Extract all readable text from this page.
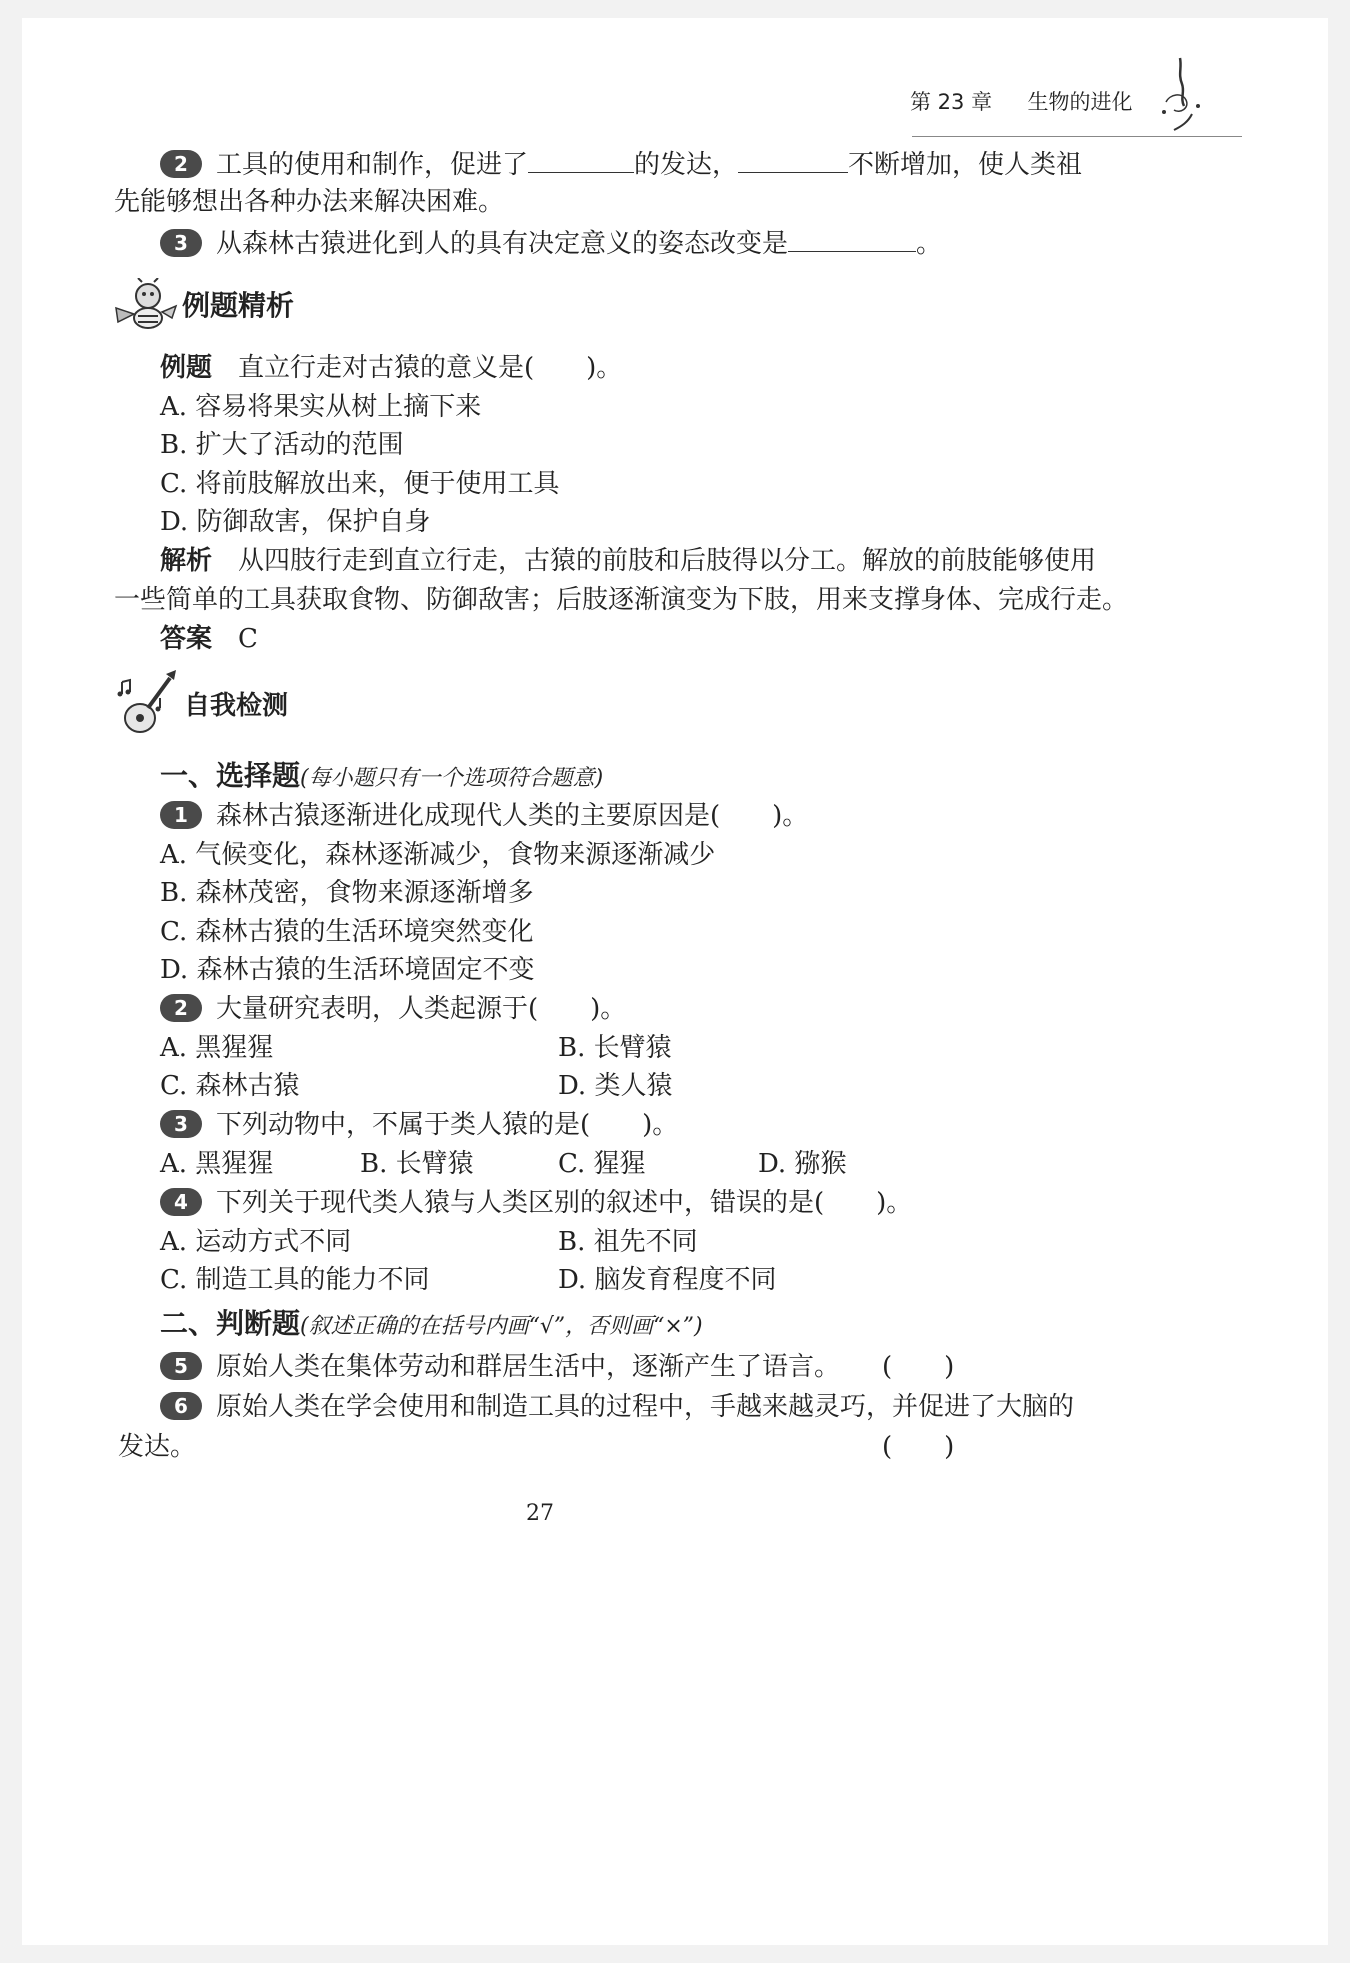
第 23 章 生物的进化
2 工具的使用和制作，促进了	的发达，	不断增加，使人类祖
先能够想出各种办法来解决困难。
3 从森林古猿进化到人的具有决定意义的姿态改变是	。
例题精析
例题 直立行走对古猿的意义是(　　)。
A. 容易将果实从树上摘下来
B. 扩大了活动的范围
C. 将前肢解放出来，便于使用工具
D. 防御敌害，保护自身
解析 从四肢行走到直立行走，古猿的前肢和后肢得以分工。解放的前肢能够使用
一些简单的工具获取食物、防御敌害；后肢逐渐演变为下肢，用来支撑身体、完成行走。
答案 C
自我检测
一、选择题(每小题只有一个选项符合题意)
1 森林古猿逐渐进化成现代人类的主要原因是(　　)。
A. 气候变化，森林逐渐减少，食物来源逐渐减少
B. 森林茂密，食物来源逐渐增多
C. 森林古猿的生活环境突然变化
D. 森林古猿的生活环境固定不变
2 大量研究表明，人类起源于(　　)。
A. 黑猩猩	B. 长臂猿
C. 森林古猿	D. 类人猿
3 下列动物中，不属于类人猿的是(　　)。
A. 黑猩猩	B. 长臂猿	C. 猩猩	D. 猕猴
4 下列关于现代类人猿与人类区别的叙述中，错误的是(　　)。
A. 运动方式不同	B. 祖先不同
C. 制造工具的能力不同	D. 脑发育程度不同
二、判断题(叙述正确的在括号内画“√”，否则画“×”)
5 原始人类在集体劳动和群居生活中，逐渐产生了语言。 (　　)
6 原始人类在学会使用和制造工具的过程中，手越来越灵巧，并促进了大脑的
发达。	(　　)
27
